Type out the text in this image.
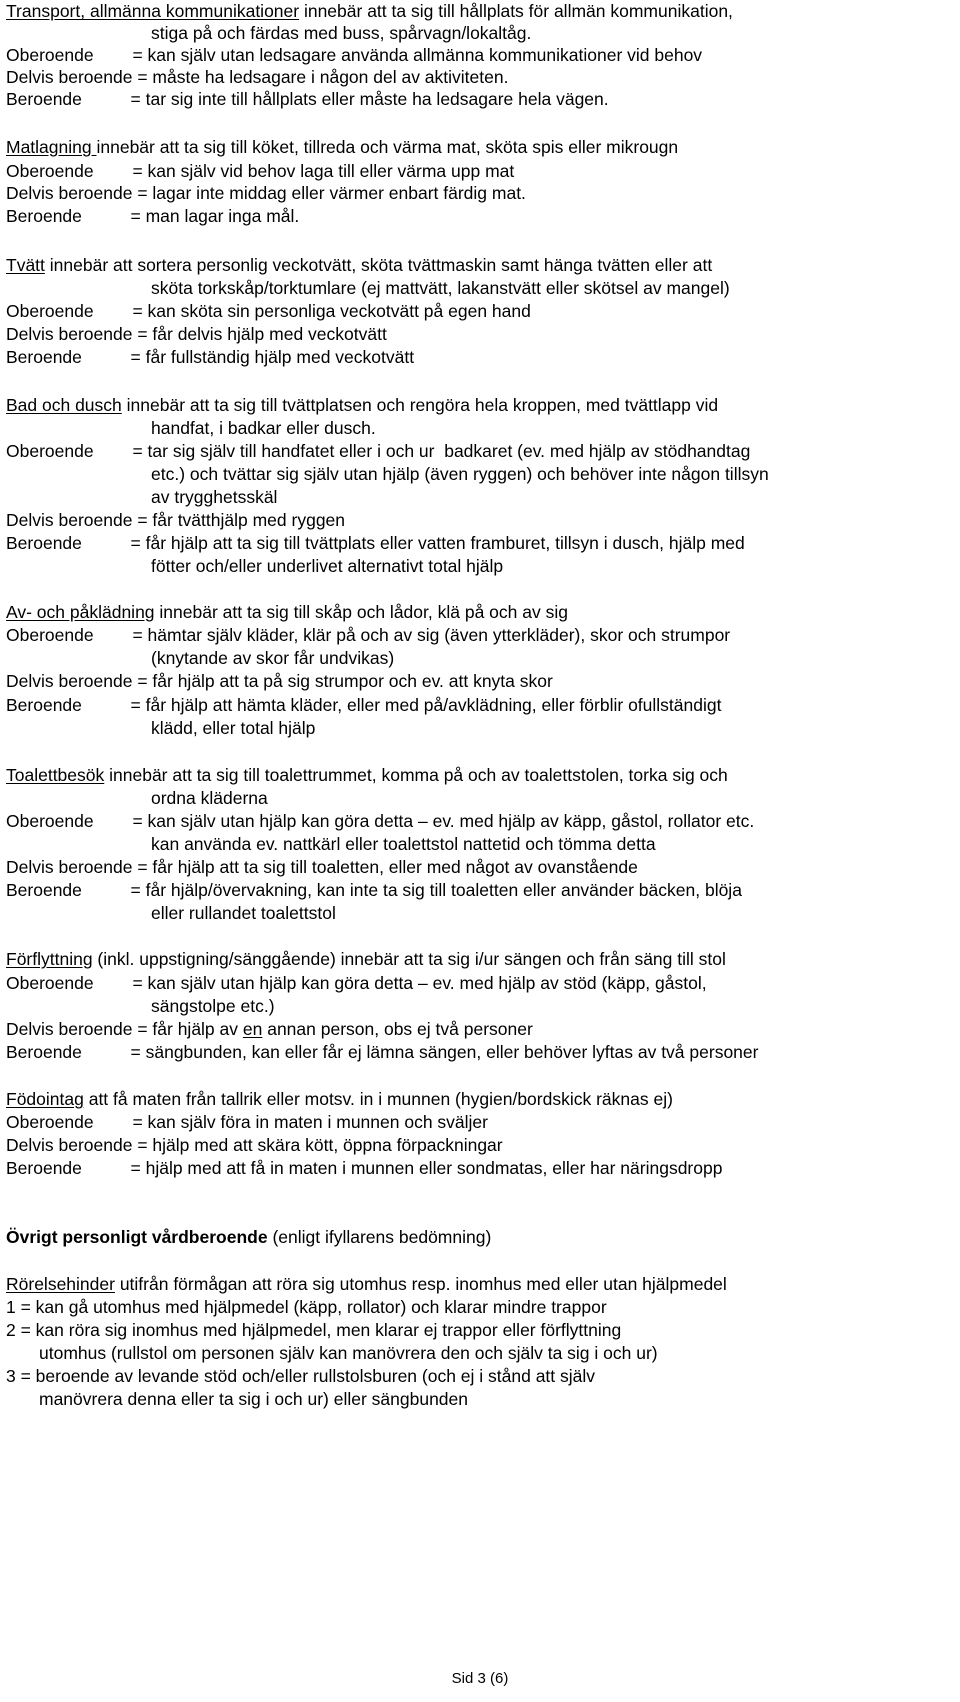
Transport, allmänna kommunikationer innebär att ta sig till hållplats för allmän kommunikation,
stiga på och färdas med buss, spårvagn/lokaltåg.
Oberoende        = kan själv utan ledsagare använda allmänna kommunikationer vid behov
Delvis beroende = måste ha ledsagare i någon del av aktiviteten.
Beroende          = tar sig inte till hållplats eller måste ha ledsagare hela vägen.
Matlagning innebär att ta sig till köket, tillreda och värma mat, sköta spis eller mikrougn
Oberoende        = kan själv vid behov laga till eller värma upp mat
Delvis beroende = lagar inte middag eller värmer enbart färdig mat.
Beroende          = man lagar inga mål.
Tvätt innebär att sortera personlig veckotvätt, sköta tvättmaskin samt hänga tvätten eller att
sköta torkskåp/torktumlare (ej mattvätt, lakanstvätt eller skötsel av mangel)
Oberoende        = kan sköta sin personliga veckotvätt på egen hand
Delvis beroende = får delvis hjälp med veckotvätt
Beroende          = får fullständig hjälp med veckotvätt
Bad och dusch innebär att ta sig till tvättplatsen och rengöra hela kroppen, med tvättlapp vid
handfat, i badkar eller dusch.
Oberoende        = tar sig själv till handfatet eller i och ur  badkaret (ev. med hjälp av stödhandtag
etc.) och tvättar sig själv utan hjälp (även ryggen) och behöver inte någon tillsyn
av trygghetsskäl
Delvis beroende = får tvätthjälp med ryggen
Beroende          = får hjälp att ta sig till tvättplats eller vatten framburet, tillsyn i dusch, hjälp med
fötter och/eller underlivet alternativt total hjälp
Av- och påklädning innebär att ta sig till skåp och lådor, klä på och av sig
Oberoende        = hämtar själv kläder, klär på och av sig (även ytterkläder), skor och strumpor
(knytande av skor får undvikas)
Delvis beroende = får hjälp att ta på sig strumpor och ev. att knyta skor
Beroende          = får hjälp att hämta kläder, eller med på/avklädning, eller förblir ofullständigt
klädd, eller total hjälp
Toalettbesök innebär att ta sig till toalettrummet, komma på och av toalettstolen, torka sig och
ordna kläderna
Oberoende        = kan själv utan hjälp kan göra detta – ev. med hjälp av käpp, gåstol, rollator etc.
kan använda ev. nattkärl eller toalettstol nattetid och tömma detta
Delvis beroende = får hjälp att ta sig till toaletten, eller med något av ovanstående
Beroende          = får hjälp/övervakning, kan inte ta sig till toaletten eller använder bäcken, blöja
eller rullandet toalettstol
Förflyttning (inkl. uppstigning/sänggående) innebär att ta sig i/ur sängen och från säng till stol
Oberoende        = kan själv utan hjälp kan göra detta – ev. med hjälp av stöd (käpp, gåstol,
sängstolpe etc.)
Delvis beroende = får hjälp av en annan person, obs ej två personer
Beroende          = sängbunden, kan eller får ej lämna sängen, eller behöver lyftas av två personer
Födointag att få maten från tallrik eller motsv. in i munnen (hygien/bordskick räknas ej)
Oberoende        = kan själv föra in maten i munnen och sväljer
Delvis beroende = hjälp med att skära kött, öppna förpackningar
Beroende          = hjälp med att få in maten i munnen eller sondmatas, eller har näringsdropp
Övrigt personligt vårdberoende (enligt ifyllarens bedömning)
Rörelsehinder utifrån förmågan att röra sig utomhus resp. inomhus med eller utan hjälpmedel
1 = kan gå utomhus med hjälpmedel (käpp, rollator) och klarar mindre trappor
2 = kan röra sig inomhus med hjälpmedel, men klarar ej trappor eller förflyttning
utomhus (rullstol om personen själv kan manövrera den och själv ta sig i och ur)
3 = beroende av levande stöd och/eller rullstolsburen (och ej i stånd att själv
manövrera denna eller ta sig i och ur) eller sängbunden
Sid 3 (6)
